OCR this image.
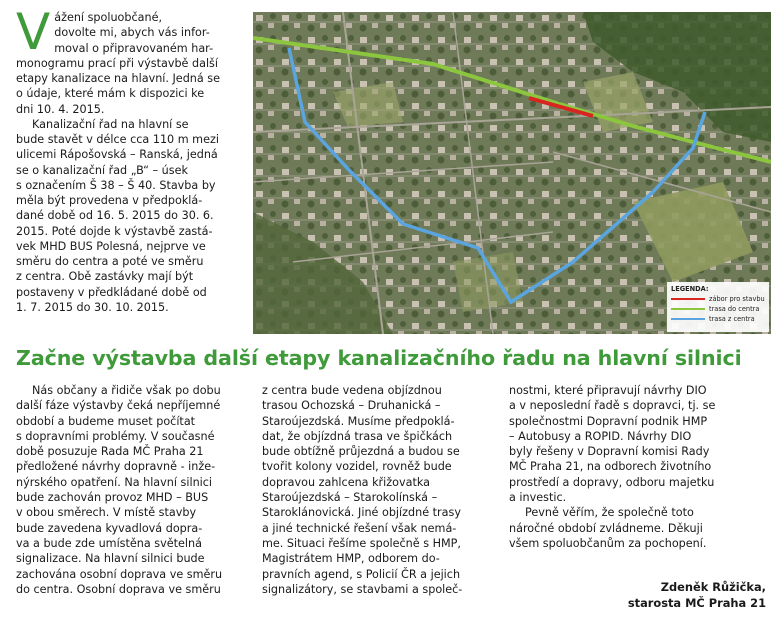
Vážení spoluobčané,
dovolte mi, abych vás infor-
moval o připravovaném har-
monogramu prací při výstavbě další
etapy kanalizace na hlavní. Jedná se
o údaje, které mám k dispozici ke
dni 10. 4. 2015.

Kanalizační řad na hlavní se
bude stavět v délce cca 110 m mezi
ulicemi Rápošovská – Ranská, jedná
se o kanalizační řad „B“ – úsek
s označením Š 38 – Š 40. Stavba by
měla být provedena v předpoklá-
dané době od 16. 5. 2015 do 30. 6.
2015. Poté dojde k výstavbě zastá-
vek MHD BUS Polesná, nejprve ve
směru do centra a poté ve směru
z centra. Obě zastávky mají být
postaveny v předkládané době od
1. 7. 2015 do 30. 10. 2015.

LEGENDA:
zábor pro stavbu
trasa do centra
trasa z centra
Začne výstavba další etapy kanalizačního řadu na hlavní silnici

Nás občany a řidiče však po dobu
další fáze výstavby čeká nepříjemné
období a budeme muset počítat
s dopravními problémy. V současné
době posuzuje Rada MČ Praha 21
předložené návrhy dopravně - inže-
nýrského opatření. Na hlavní silnici
bude zachován provoz MHD – BUS
v obou směrech. V místě stavby
bude zavedena kyvadlová dopra-
va a bude zde umístěna světelná
signalizace. Na hlavní silnici bude
zachována osobní doprava ve směru
do centra. Osobní doprava ve směru

z centra bude vedena objízdnou
trasou Ochozská – Druhanická –
Staroújezdská. Musíme předpoklá-
dat, že objízdná trasa ve špičkách
bude obtížně průjezdná a budou se
tvořit kolony vozidel, rovněž bude
dopravou zahlcena křižovatka
Staroújezdská – Starokolínská –
Staroklánovická. Jiné objízdné trasy
a jiné technické řešení však nemá-
me. Situaci řešíme společně s HMP,
Magistrátem HMP, odborem do-
pravních agend, s Policií ČR a jejich
signalizátory, se stavbami a společ-

nostmi, které připravují návrhy DIO
a v neposlední řadě s dopravci, tj. se
společnostmi Dopravní podnik HMP
– Autobusy a ROPID. Návrhy DIO
byly řešeny v Dopravní komisi Rady
MČ Praha 21, na odborech životního
prostředí a dopravy, odboru majetku
a investic.

Pevně věřím, že společně toto
náročné období zvládneme. Děkuji
všem spoluobčanům za pochopení.

Zdeněk Růžička,
starosta MČ Praha 21
